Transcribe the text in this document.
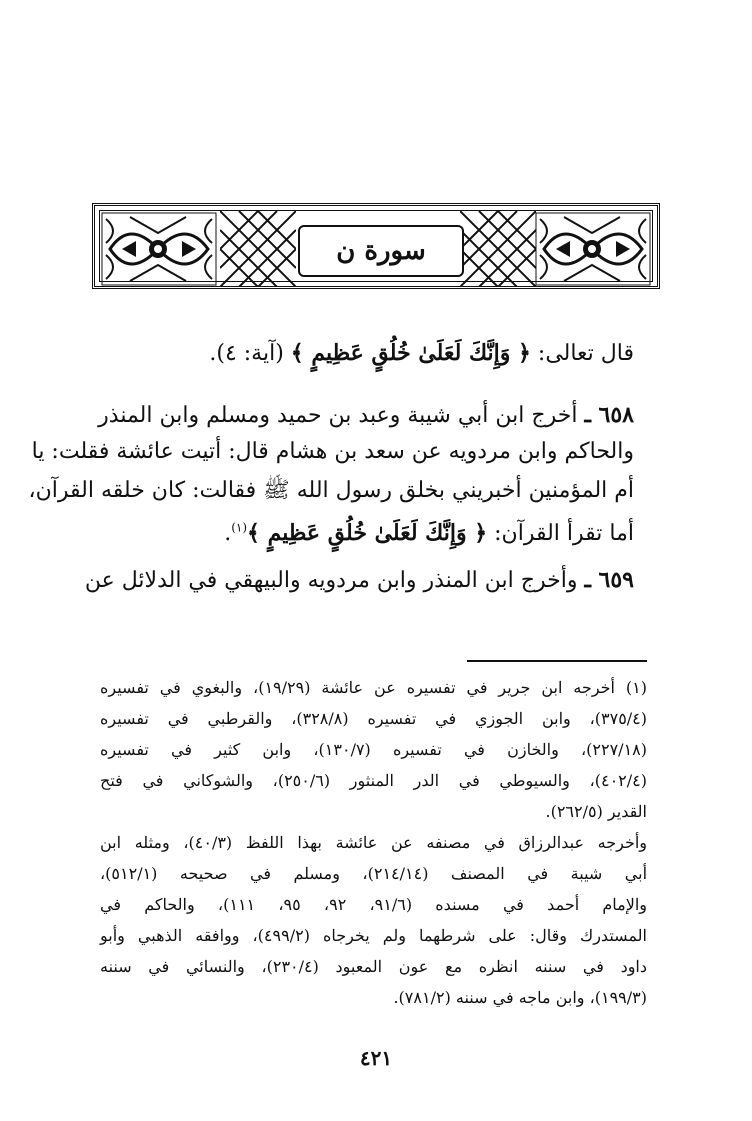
سورة ن
قال تعالى: ﴿ وَإِنَّكَ لَعَلَىٰ خُلُقٍ عَظِيمٍ ﴾ (آية: ٤).
٦٥٨ ـ أخرج ابن أبي شيبة وعبد بن حميد ومسلم وابن المنذر
والحاكم وابن مردويه عن سعد بن هشام قال: أتيت عائشة فقلت: يا
أم المؤمنين أخبريني بخلق رسول الله ﷺ فقالت: كان خلقه القرآن،
أما تقرأ القرآن: ﴿ وَإِنَّكَ لَعَلَىٰ خُلُقٍ عَظِيمٍ ﴾$^{(١)}$.
٦٥٩ ـ وأخرج ابن المنذر وابن مردويه والبيهقي في الدلائل عن
(١) أخرجه ابن جرير في تفسيره عن عائشة (١٩/٢٩)، والبغوي في تفسيره
(٣٧٥/٤)، وابن الجوزي في تفسيره (٣٢٨/٨)، والقرطبي في تفسيره
(٢٢٧/١٨)، والخازن في تفسيره (١٣٠/٧)، وابن كثير في تفسيره
(٤٠٢/٤)، والسيوطي في الدر المنثور (٢٥٠/٦)، والشوكاني في فتح
القدير (٢٦٢/٥).
وأخرجه عبدالرزاق في مصنفه عن عائشة بهذا اللفظ (٤٠/٣)، ومثله ابن
أبي شيبة في المصنف (٢١٤/١٤)، ومسلم في صحيحه (٥١٢/١)،
والإمام أحمد في مسنده (٩١/٦، ٩٢، ٩٥، ١١١)، والحاكم في
المستدرك وقال: على شرطهما ولم يخرجاه (٤٩٩/٢)، ووافقه الذهبي وأبو
داود في سننه انظره مع عون المعبود (٢٣٠/٤)، والنسائي في سننه
(١٩٩/٣)، وابن ماجه في سننه (٧٨١/٢).
٤٢١
